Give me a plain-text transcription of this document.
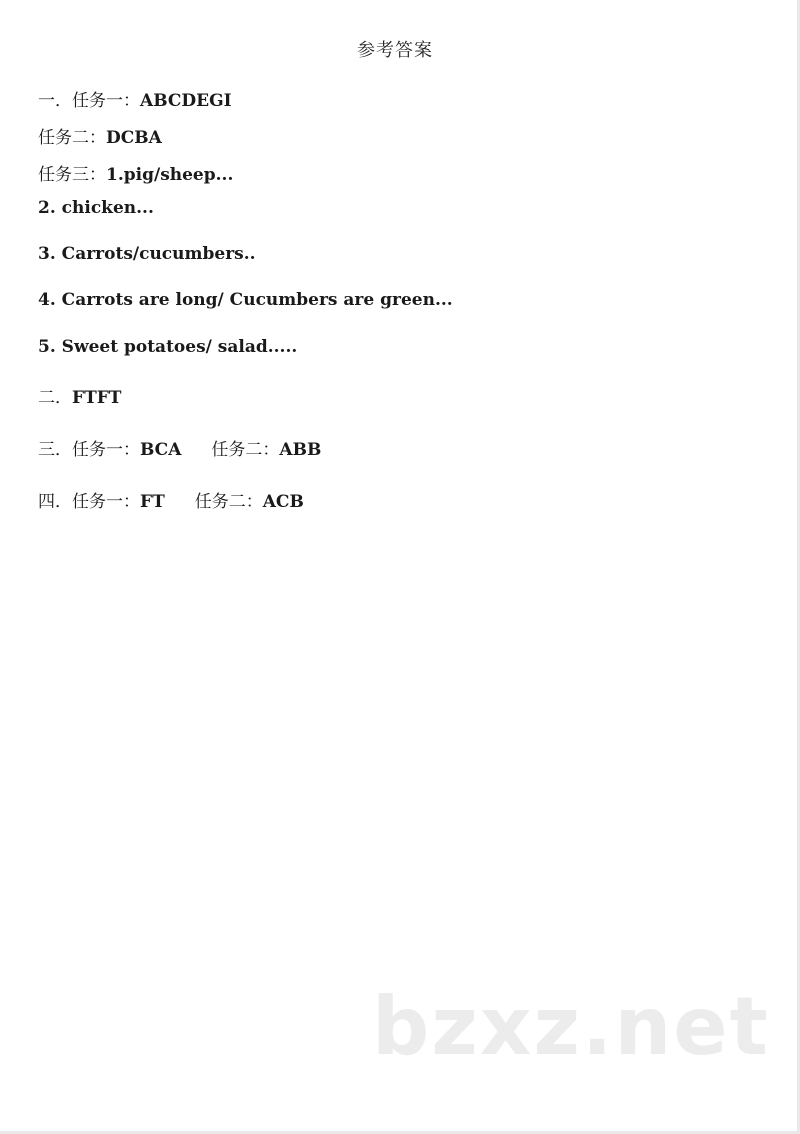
参考答案
一．任务一：ABCDEGI
任务二：DCBA
任务三：1.pig/sheep...
2. chicken...
3. Carrots/cucumbers..
4. Carrots are long/ Cucumbers are green...
5. Sweet potatoes/ salad.....
二．FTFT
三．任务一：BCA 任务二：ABB
四．任务一：FT 任务二：ACB
bzxz.net
